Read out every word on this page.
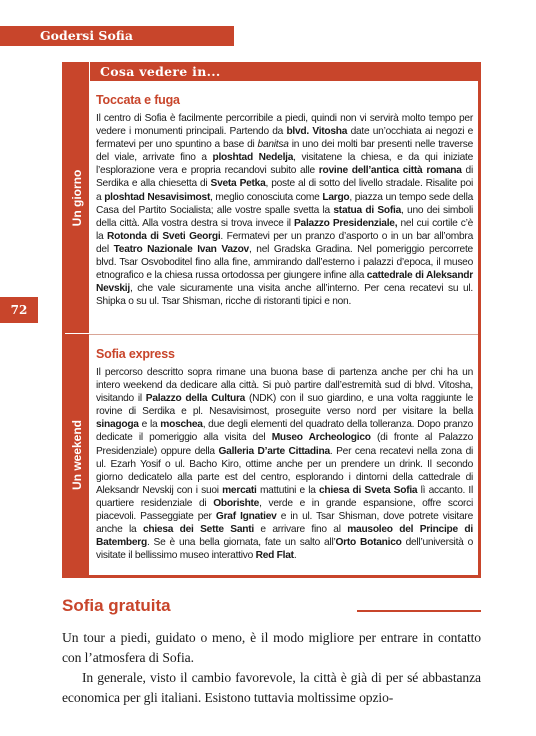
Godersi Sofia
72
Cosa vedere in...
Un giorno
Un weekend
Toccata e fuga

Il centro di Sofia è facilmente percorribile a piedi, quindi non vi servirà molto tempo per vedere i monumenti principali. Partendo da blvd. Vitosha date un’occhiata ai negozi e fermatevi per uno spuntino a base di banitsa in uno dei molti bar presenti nelle traverse del viale, arrivate fino a ploshtad Nedelja, visitatene la chiesa, e da qui iniziate l’esplorazione vera e propria recandovi subito alle rovine dell’antica città romana di Serdika e alla chiesetta di Sveta Petka, poste al di sotto del livello stradale. Risalite poi a ploshtad Nesavisimost, meglio conosciuta come Largo, piazza un tempo sede della Casa del Partito Socialista; alle vostre spalle svetta la statua di Sofia, uno dei simboli della città. Alla vostra destra si trova invece il Palazzo Presidenziale, nel cui cortile c’è la Rotonda di Sveti Georgi. Fermatevi per un pranzo d’asporto o in un bar all’ombra del Teatro Nazionale Ivan Vazov, nel Gradska Gradina. Nel pomeriggio percorrete blvd. Tsar Osvoboditel fino alla fine, ammirando dall’esterno i palazzi d’epoca, il museo etnografico e la chiesa russa ortodossa per giungere infine alla cattedrale di Aleksandr Nevskij, che vale sicuramente una visita anche all’interno. Per cena recatevi su ul. Shipka o su ul. Tsar Shisman, ricche di ristoranti tipici e non.

Sofia express

Il percorso descritto sopra rimane una buona base di partenza anche per chi ha un intero weekend da dedicare alla città. Si può partire dall’estremità sud di blvd. Vitosha, visitando il Palazzo della Cultura (NDK) con il suo giardino, e una volta raggiunte le rovine di Serdika e pl. Nesavisimost, proseguite verso nord per visitare la bella sinagoga e la moschea, due degli elementi del quadrato della tolleranza. Dopo pranzo dedicate il pomeriggio alla visita del Museo Archeologico (di fronte al Palazzo Presidenziale) oppure della Galleria D’arte Cittadina. Per cena recatevi nella zona di ul. Ezarh Yosif o ul. Bacho Kiro, ottime anche per un prendere un drink. Il secondo giorno dedicatelo alla parte est del centro, esplorando i dintorni della cattedrale di Aleksandr Nevskij con i suoi mercati mattutini e la chiesa di Sveta Sofia lì accanto. Il quartiere residenziale di Oborishte, verde e in grande espansione, offre scorci piacevoli. Passeggiate per Graf Ignatiev e in ul. Tsar Shisman, dove potrete visitare anche la chiesa dei Sette Santi e arrivare fino al mausoleo del Principe di Batemberg. Se è una bella giornata, fate un salto all’Orto Botanico dell’università o visitate il bellissimo museo interattivo Red Flat.

Sofia gratuita

Un tour a piedi, guidato o meno, è il modo migliore per entrare in contatto con l’atmosfera di Sofia.

In generale, visto il cambio favorevole, la città è già di per sé abbastanza economica per gli italiani. Esistono tuttavia moltissime opzio-
